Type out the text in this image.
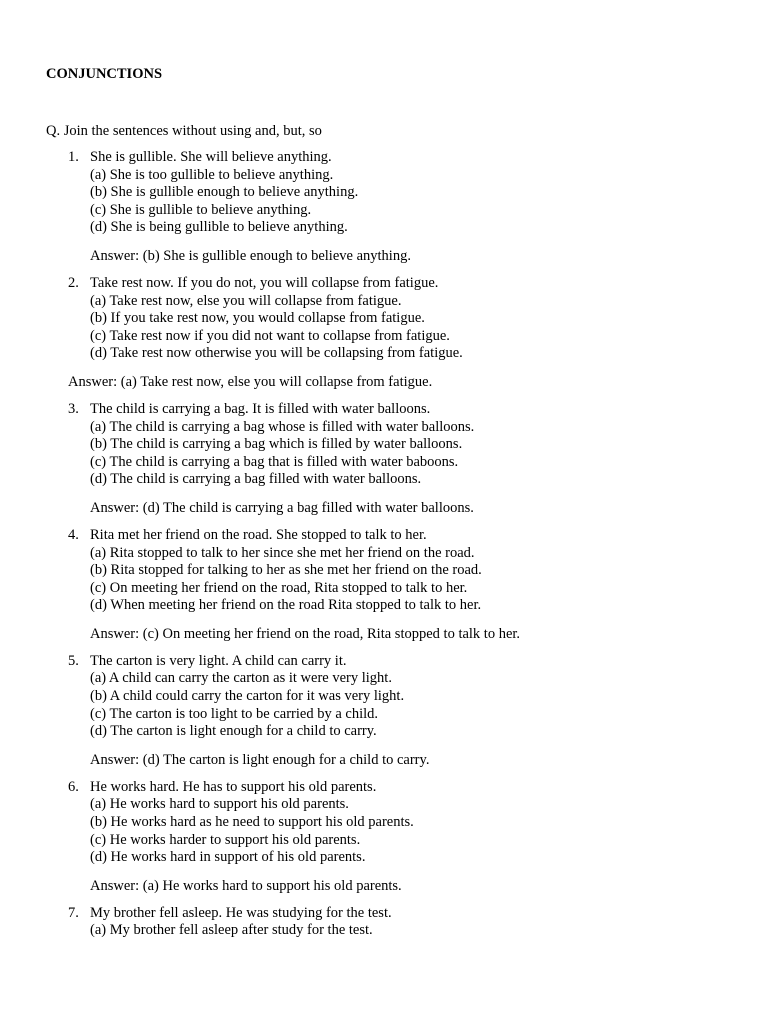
CONJUNCTIONS
Q. Join the sentences without using and, but, so
1. She is gullible. She will believe anything.
(a) She is too gullible to believe anything.
(b) She is gullible enough to believe anything.
(c) She is gullible to believe anything.
(d) She is being gullible to believe anything.
Answer: (b) She is gullible enough to believe anything.
2. Take rest now. If you do not, you will collapse from fatigue.
(a) Take rest now, else you will collapse from fatigue.
(b) If you take rest now, you would collapse from fatigue.
(c) Take rest now if you did not want to collapse from fatigue.
(d) Take rest now otherwise you will be collapsing from fatigue.
Answer: (a) Take rest now, else you will collapse from fatigue.
3. The child is carrying a bag. It is filled with water balloons.
(a) The child is carrying a bag whose is filled with water balloons.
(b) The child is carrying a bag which is filled by water balloons.
(c) The child is carrying a bag that is filled with water baboons.
(d) The child is carrying a bag filled with water balloons.
Answer: (d) The child is carrying a bag filled with water balloons.
4. Rita met her friend on the road. She stopped to talk to her.
(a) Rita stopped to talk to her since she met her friend on the road.
(b) Rita stopped for talking to her as she met her friend on the road.
(c) On meeting her friend on the road, Rita stopped to talk to her.
(d) When meeting her friend on the road Rita stopped to talk to her.
Answer: (c) On meeting her friend on the road, Rita stopped to talk to her.
5. The carton is very light. A child can carry it.
(a) A child can carry the carton as it were very light.
(b) A child could carry the carton for it was very light.
(c) The carton is too light to be carried by a child.
(d) The carton is light enough for a child to carry.
Answer: (d) The carton is light enough for a child to carry.
6. He works hard. He has to support his old parents.
(a) He works hard to support his old parents.
(b) He works hard as he need to support his old parents.
(c) He works harder to support his old parents.
(d) He works hard in support of his old parents.
Answer: (a) He works hard to support his old parents.
7. My brother fell asleep. He was studying for the test.
(a) My brother fell asleep after study for the test.
